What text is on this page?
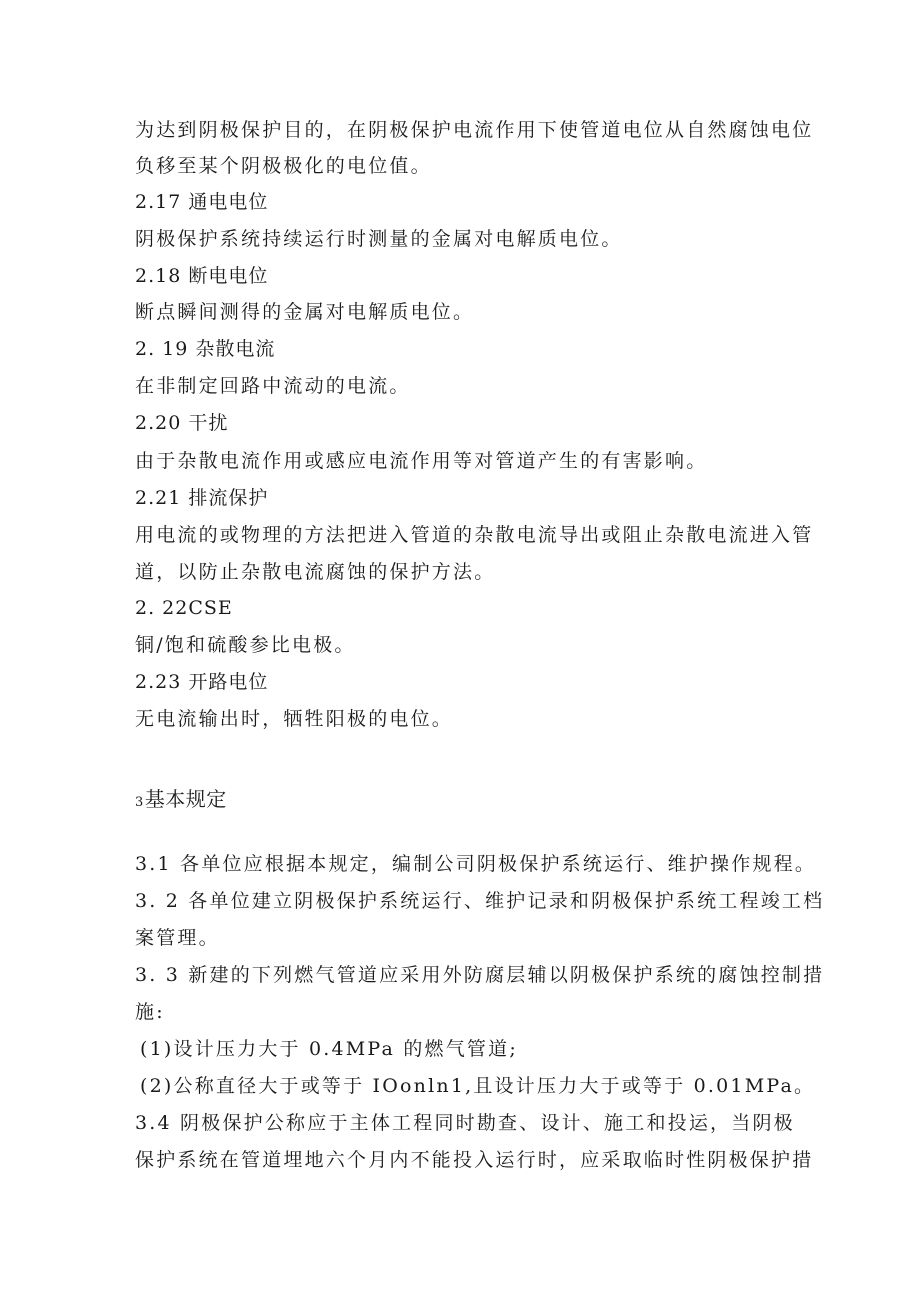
为达到阴极保护目的，在阴极保护电流作用下使管道电位从自然腐蚀电位
负移至某个阴极极化的电位值。
2.17 通电电位
阴极保护系统持续运行时测量的金属对电解质电位。
2.18 断电电位
断点瞬间测得的金属对电解质电位。
2. 19 杂散电流
在非制定回路中流动的电流。
2.20 干扰
由于杂散电流作用或感应电流作用等对管道产生的有害影响。
2.21 排流保护
用电流的或物理的方法把进入管道的杂散电流导出或阻止杂散电流进入管
道，以防止杂散电流腐蚀的保护方法。
2. 22CSE
铜/饱和硫酸参比电极。
2.23 开路电位
无电流输出时，牺牲阳极的电位。
3基本规定
3.1 各单位应根据本规定，编制公司阴极保护系统运行、维护操作规程。
3. 2 各单位建立阴极保护系统运行、维护记录和阴极保护系统工程竣工档
案管理。
3. 3 新建的下列燃气管道应采用外防腐层辅以阴极保护系统的腐蚀控制措
施:
(1)设计压力大于 0.4MPa 的燃气管道;
(2)公称直径大于或等于 IOonln1,且设计压力大于或等于 0.01MPa。
3.4 阴极保护公称应于主体工程同时勘查、设计、施工和投运，当阴极
保护系统在管道埋地六个月内不能投入运行时，应采取临时性阴极保护措
